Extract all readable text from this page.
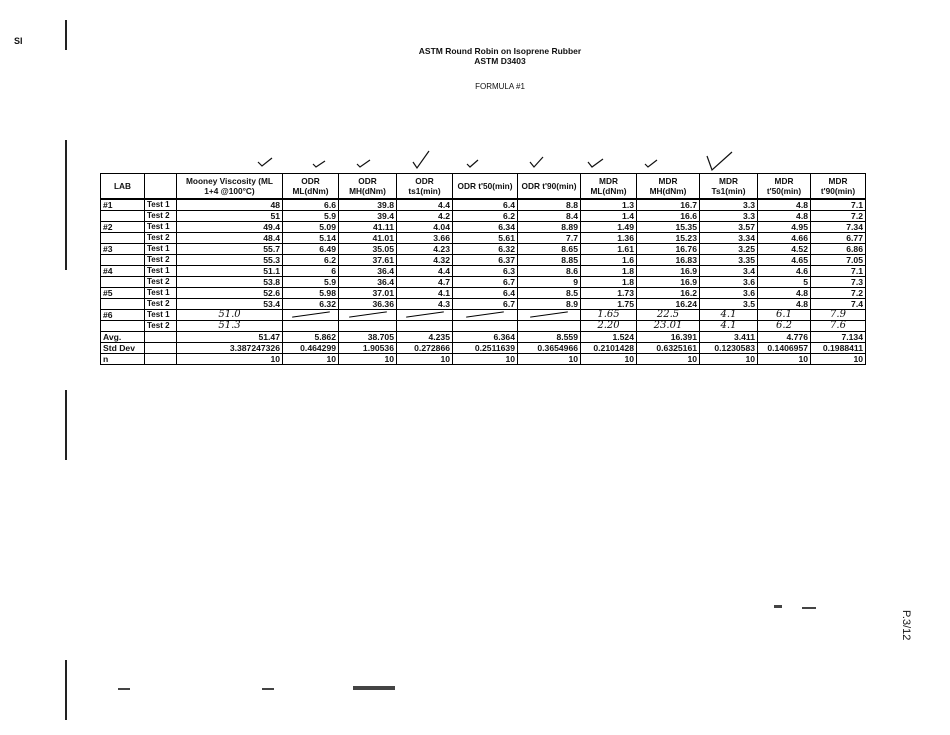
SI
ASTM Round Robin on Isoprene Rubber
ASTM D3403
FORMULA #1
LAB		Mooney Viscosity (ML 1+4 @100°C)	ODR ML(dNm)	ODR MH(dNm)	ODR ts1(min)	ODR t'50(min)	ODR t'90(min)	MDR ML(dNm)	MDR MH(dNm)	MDR Ts1(min)	MDR t'50(min)	MDR t'90(min)
#1	Test 1	48	6.6	39.8	4.4	6.4	8.8	1.3	16.7	3.3	4.8	7.1
	Test 2	51	5.9	39.4	4.2	6.2	8.4	1.4	16.6	3.3	4.8	7.2
#2	Test 1	49.4	5.09	41.11	4.04	6.34	8.89	1.49	15.35	3.57	4.95	7.34
	Test 2	48.4	5.14	41.01	3.66	5.61	7.7	1.36	15.23	3.34	4.66	6.77
#3	Test 1	55.7	6.49	35.05	4.23	6.32	8.65	1.61	16.76	3.25	4.52	6.86
	Test 2	55.3	6.2	37.61	4.32	6.37	8.85	1.6	16.83	3.35	4.65	7.05
#4	Test 1	51.1	6	36.4	4.4	6.3	8.6	1.8	16.9	3.4	4.6	7.1
	Test 2	53.8	5.9	36.4	4.7	6.7	9	1.8	16.9	3.6	5	7.3
#5	Test 1	52.6	5.98	37.01	4.1	6.4	8.5	1.73	16.2	3.6	4.8	7.2
	Test 2	53.4	6.32	36.36	4.3	6.7	8.9	1.75	16.24	3.5	4.8	7.4
#6	Test 1	51.0						1.65	22.5	4.1	6.1	7.9
	Test 2	51.3						2.20	23.01	4.1	6.2	7.6
Avg.		51.47	5.862	38.705	4.235	6.364	8.559	1.524	16.391	3.411	4.776	7.134
Std Dev		3.387247326	0.464299	1.90536	0.272866	0.2511639	0.3654966	0.2101428	0.6325161	0.1230583	0.1406957	0.1988411
n		10	10	10	10	10	10	10	10	10	10	10
P.3/12
